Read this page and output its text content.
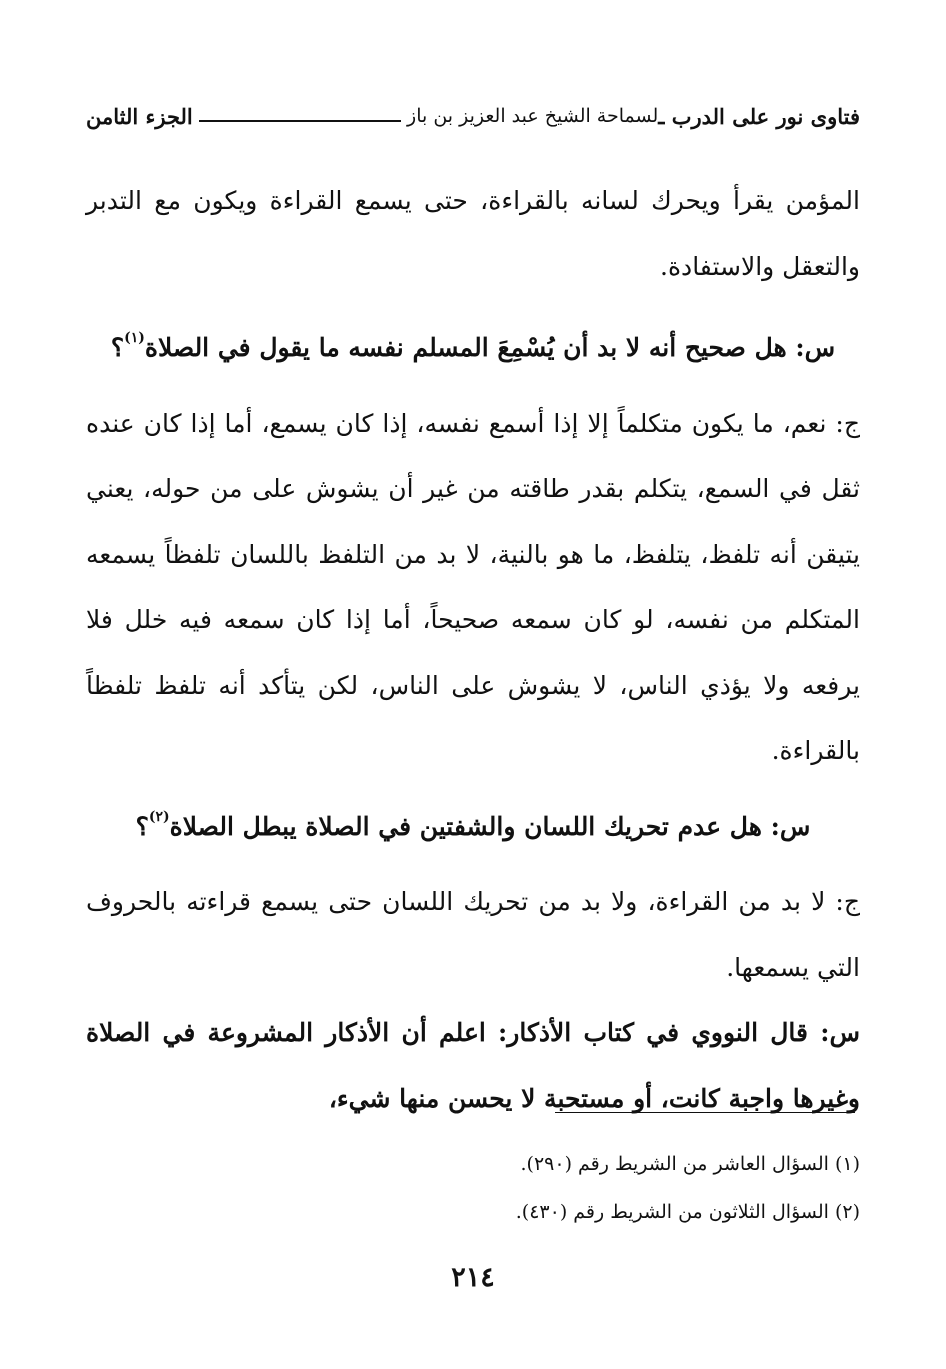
فتاوى نور على الدرب ـ
لسماحة الشيخ عبد العزيز بن باز
الجزء الثامن

المؤمن يقرأ ويحرك لسانه بالقراءة، حتى يسمع القراءة ويكون مع التدبر والتعقل والاستفادة.

س: هل صحيح أنه لا بد أن يُسْمِعَ المسلم نفسه ما يقول في الصلاة$^{(١)}$؟

ج: نعم، ما يكون متكلماً إلا إذا أسمع نفسه، إذا كان يسمع، أما إذا كان عنده ثقل في السمع، يتكلم بقدر طاقته من غير أن يشوش على من حوله، يعني يتيقن أنه تلفظ، يتلفظ، ما هو بالنية، لا بد من التلفظ باللسان تلفظاً يسمعه المتكلم من نفسه، لو كان سمعه صحيحاً، أما إذا كان سمعه فيه خلل فلا يرفعه ولا يؤذي الناس، لا يشوش على الناس، لكن يتأكد أنه تلفظ تلفظاً بالقراءة.

س: هل عدم تحريك اللسان والشفتين في الصلاة يبطل الصلاة$^{(٢)}$؟

ج: لا بد من القراءة، ولا بد من تحريك اللسان حتى يسمع قراءته بالحروف التي يسمعها.

س: قال النووي في كتاب الأذكار: اعلم أن الأذكار المشروعة في الصلاة وغيرها واجبة كانت، أو مستحبة لا يحسن منها شيء،

(١) السؤال العاشر من الشريط رقم (٢٩٠).

(٢) السؤال الثلاثون من الشريط رقم (٤٣٠).

٢١٤
